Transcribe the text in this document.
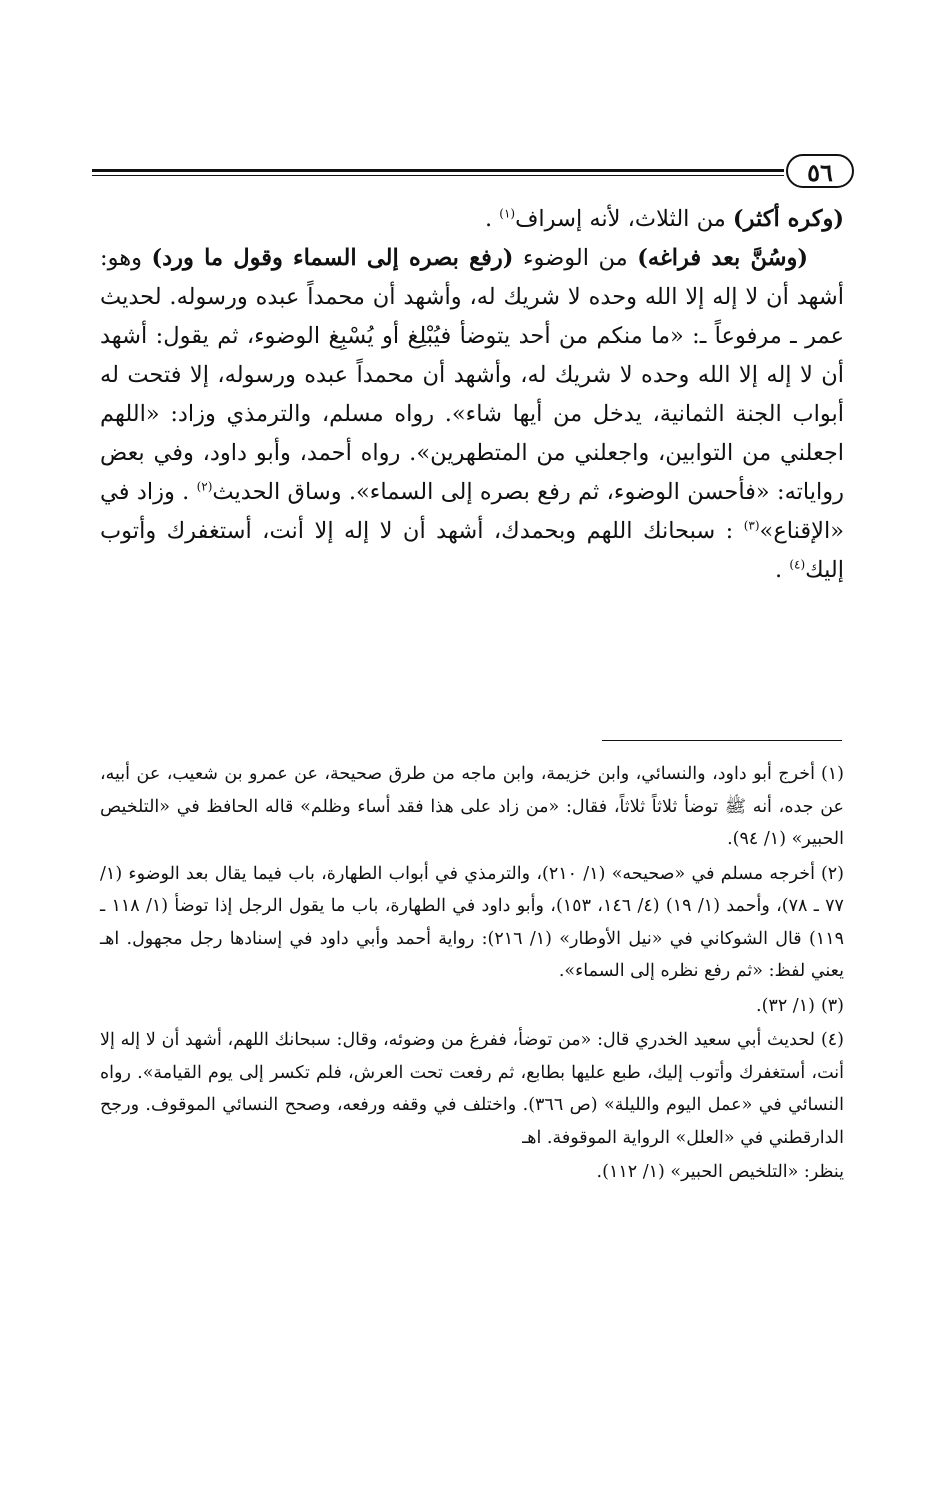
٥٦

(وكره أكثر) من الثلاث، لأنه إسراف$^{(١)}$ .

(وسُنَّ بعد فراغه) من الوضوء (رفع بصره إلى السماء وقول ما ورد) وهو: أشهد أن لا إله إلا الله وحده لا شريك له، وأشهد أن محمداً عبده ورسوله. لحديث عمر ـ مرفوعاً ـ: «ما منكم من أحد يتوضأ فيُبْلِغ أو يُسْبِغ الوضوء، ثم يقول: أشهد أن لا إله إلا الله وحده لا شريك له، وأشهد أن محمداً عبده ورسوله، إلا فتحت له أبواب الجنة الثمانية، يدخل من أيها شاء». رواه مسلم، والترمذي وزاد: «اللهم اجعلني من التوابين، واجعلني من المتطهرين». رواه أحمد، وأبو داود، وفي بعض رواياته: «فأحسن الوضوء، ثم رفع بصره إلى السماء». وساق الحديث$^{(٢)}$ . وزاد في «الإقناع»$^{(٣)}$ : سبحانك اللهم وبحمدك، أشهد أن لا إله إلا أنت، أستغفرك وأتوب إليك$^{(٤)}$ .

(١)أخرج أبو داود، والنسائي، وابن خزيمة، وابن ماجه من طرق صحيحة، عن عمرو بن شعيب، عن أبيه، عن جده، أنه ﷺ توضأ ثلاثاً ثلاثاً، فقال: «من زاد على هذا فقد أساء وظلم» قاله الحافظ في «التلخيص الحبير» (١/ ٩٤).

(٢)أخرجه مسلم في «صحيحه» (١/ ٢١٠)، والترمذي في أبواب الطهارة، باب فيما يقال بعد الوضوء (١/ ٧٧ ـ ٧٨)، وأحمد (١/ ١٩) (٤/ ١٤٦، ١٥٣)، وأبو داود في الطهارة، باب ما يقول الرجل إذا توضأ (١/ ١١٨ ـ ١١٩) قال الشوكاني في «نيل الأوطار» (١/ ٢١٦): رواية أحمد وأبي داود في إسنادها رجل مجهول. اهـ يعني لفظ: «ثم رفع نظره إلى السماء».

(٣)(١/ ٣٢).

(٤)لحديث أبي سعيد الخدري قال: «من توضأ، ففرغ من وضوئه، وقال: سبحانك اللهم، أشهد أن لا إله إلا أنت، أستغفرك وأتوب إليك، طبع عليها بطابع، ثم رفعت تحت العرش، فلم تكسر إلى يوم القيامة». رواه النسائي في «عمل اليوم والليلة» (ص ٣٦٦). واختلف في وقفه ورفعه، وصحح النسائي الموقوف. ورجح الدارقطني في «العلل» الرواية الموقوفة. اهـ

ينظر: «التلخيص الحبير» (١/ ١١٢).
